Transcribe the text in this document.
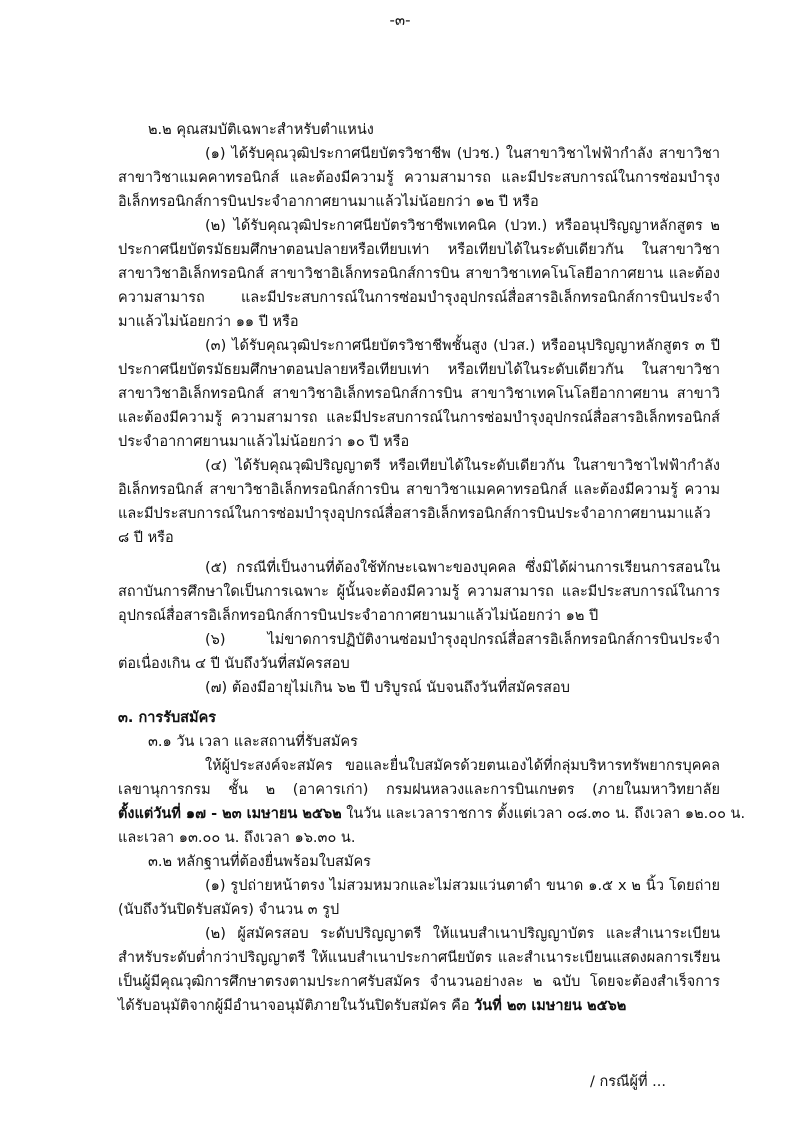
-๓-
๒.๒ คุณสมบัติเฉพาะสำหรับตำแหน่ง
(๑) ได้รับคุณวุฒิประกาศนียบัตรวิชาชีพ (ปวช.) ในสาขาวิชาไฟฟ้ากำลัง สาขาวิชา
สาขาวิชาแมคคาทรอนิกส์ และต้องมีความรู้ ความสามารถ และมีประสบการณ์ในการซ่อมบำรุง
อิเล็กทรอนิกส์การบินประจำอากาศยานมาแล้วไม่น้อยกว่า ๑๒ ปี หรือ
(๒) ได้รับคุณวุฒิประกาศนียบัตรวิชาชีพเทคนิค (ปวท.) หรืออนุปริญญาหลักสูตร ๒
ประกาศนียบัตรมัธยมศึกษาตอนปลายหรือเทียบเท่า หรือเทียบได้ในระดับเดียวกัน ในสาขาวิชา
สาขาวิชาอิเล็กทรอนิกส์ สาขาวิชาอิเล็กทรอนิกส์การบิน สาขาวิชาเทคโนโลยีอากาศยาน และต้อง
ความสามารถ และมีประสบการณ์ในการซ่อมบำรุงอุปกรณ์สื่อสารอิเล็กทรอนิกส์การบินประจำ
มาแล้วไม่น้อยกว่า ๑๑ ปี หรือ
(๓) ได้รับคุณวุฒิประกาศนียบัตรวิชาชีพชั้นสูง (ปวส.) หรืออนุปริญญาหลักสูตร ๓ ปี
ประกาศนียบัตรมัธยมศึกษาตอนปลายหรือเทียบเท่า หรือเทียบได้ในระดับเดียวกัน ในสาขาวิชา
สาขาวิชาอิเล็กทรอนิกส์ สาขาวิชาอิเล็กทรอนิกส์การบิน สาขาวิชาเทคโนโลยีอากาศยาน สาขาวิ
และต้องมีความรู้ ความสามารถ และมีประสบการณ์ในการซ่อมบำรุงอุปกรณ์สื่อสารอิเล็กทรอนิกส์
ประจำอากาศยานมาแล้วไม่น้อยกว่า ๑๐ ปี หรือ
(๔) ได้รับคุณวุฒิปริญญาตรี หรือเทียบได้ในระดับเดียวกัน ในสาขาวิชาไฟฟ้ากำลัง
อิเล็กทรอนิกส์ สาขาวิชาอิเล็กทรอนิกส์การบิน สาขาวิชาแมคคาทรอนิกส์ และต้องมีความรู้ ความ
และมีประสบการณ์ในการซ่อมบำรุงอุปกรณ์สื่อสารอิเล็กทรอนิกส์การบินประจำอากาศยานมาแล้ว
๘ ปี หรือ
(๕) กรณีที่เป็นงานที่ต้องใช้ทักษะเฉพาะของบุคคล ซึ่งมิได้ผ่านการเรียนการสอนใน
สถาบันการศึกษาใดเป็นการเฉพาะ ผู้นั้นจะต้องมีความรู้ ความสามารถ และมีประสบการณ์ในการ
อุปกรณ์สื่อสารอิเล็กทรอนิกส์การบินประจำอากาศยานมาแล้วไม่น้อยกว่า ๑๒ ปี
(๖) ไม่ขาดการปฏิบัติงานซ่อมบำรุงอุปกรณ์สื่อสารอิเล็กทรอนิกส์การบินประจำ
ต่อเนื่องเกิน ๔ ปี นับถึงวันที่สมัครสอบ
(๗) ต้องมีอายุไม่เกิน ๖๒ ปี บริบูรณ์ นับจนถึงวันที่สมัครสอบ
๓. การรับสมัคร
๓.๑ วัน เวลา และสถานที่รับสมัคร
ให้ผู้ประสงค์จะสมัคร ขอและยื่นใบสมัครด้วยตนเองได้ที่กลุ่มบริหารทรัพยากรบุคคล
เลขานุการกรม ชั้น ๒ (อาคารเก่า) กรมฝนหลวงและการบินเกษตร (ภายในมหาวิทยาลัย
ตั้งแต่วันที่ ๑๗ - ๒๓ เมษายน ๒๕๖๒ ในวัน และเวลาราชการ ตั้งแต่เวลา ๐๘.๓๐ น. ถึงเวลา ๑๒.๐๐ น.
และเวลา ๑๓.๐๐ น. ถึงเวลา ๑๖.๓๐ น.
๓.๒ หลักฐานที่ต้องยื่นพร้อมใบสมัคร
(๑) รูปถ่ายหน้าตรง ไม่สวมหมวกและไม่สวมแว่นตาดำ ขนาด ๑.๕ x ๒ นิ้ว โดยถ่าย
(นับถึงวันปิดรับสมัคร) จำนวน ๓ รูป
(๒) ผู้สมัครสอบ ระดับปริญญาตรี ให้แนบสำเนาปริญญาบัตร และสำเนาระเบียน
สำหรับระดับต่ำกว่าปริญญาตรี ให้แนบสำเนาประกาศนียบัตร และสำเนาระเบียนแสดงผลการเรียน
เป็นผู้มีคุณวุฒิการศึกษาตรงตามประกาศรับสมัคร จำนวนอย่างละ ๒ ฉบับ โดยจะต้องสำเร็จการ
ได้รับอนุมัติจากผู้มีอำนาจอนุมัติภายในวันปิดรับสมัคร คือ วันที่ ๒๓ เมษายน ๒๕๖๒
/ กรณีผู้ที่ ...
